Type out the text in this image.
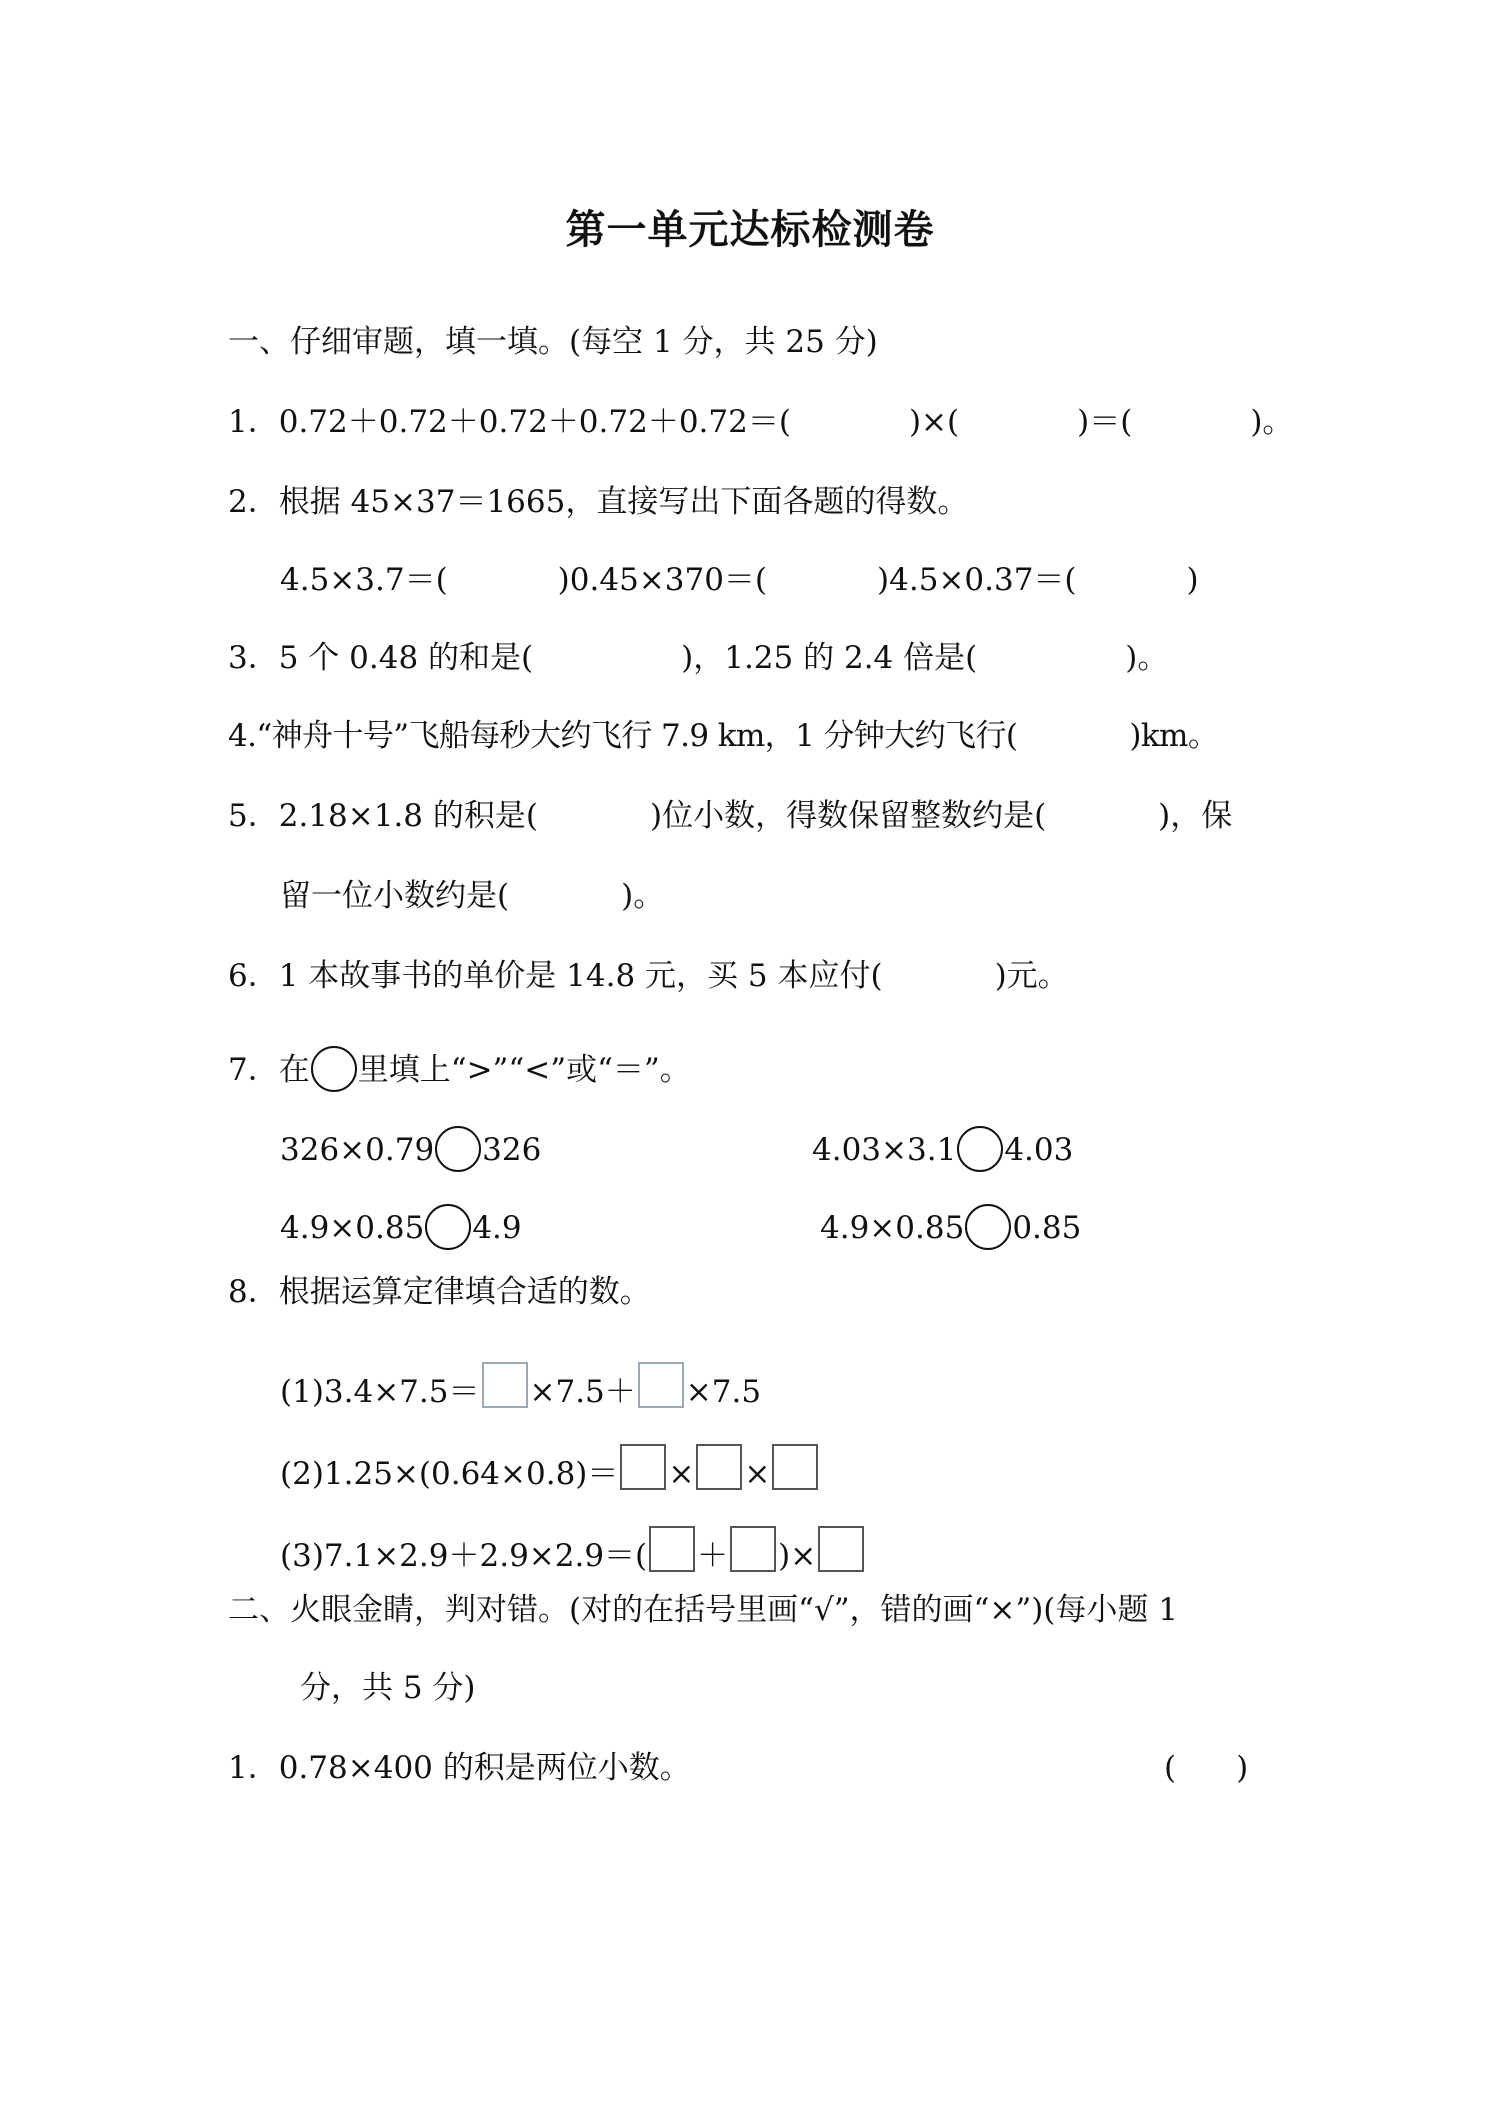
第一单元达标检测卷
一、仔细审题，填一填。(每空 1 分，共 25 分)
1．0.72＋0.72＋0.72＋0.72＋0.72＝(	)×(	)＝(	)。
2．根据 45×37＝1665，直接写出下面各题的得数。
4.5×3.7＝(	)0.45×370＝(	)4.5×0.37＝(	)
3．5 个 0.48 的和是(	)，1.25 的 2.4 倍是(	)。
4.“神舟十号”飞船每秒大约飞行 7.9 km，1 分钟大约飞行(	)km。
5．2.18×1.8 的积是(	)位小数，得数保留整数约是(	)，保
留一位小数约是(	)。
6．1 本故事书的单价是 14.8 元，买 5 本应付(	)元。
7．在 里填上“>”“<”或“＝”。
326×0.79 326	4.03×3.1 4.03
4.9×0.85 4.9	4.9×0.85 0.85
8．根据运算定律填合适的数。
(1)3.4×7.5＝ ×7.5＋ ×7.5
(2)1.25×(0.64×0.8)＝ × ×
(3)7.1×2.9＋2.9×2.9＝( ＋ )×
二、火眼金睛，判对错。(对的在括号里画“√”，错的画“×”)(每小题 1
分，共 5 分)
1．0.78×400 的积是两位小数。	( )
